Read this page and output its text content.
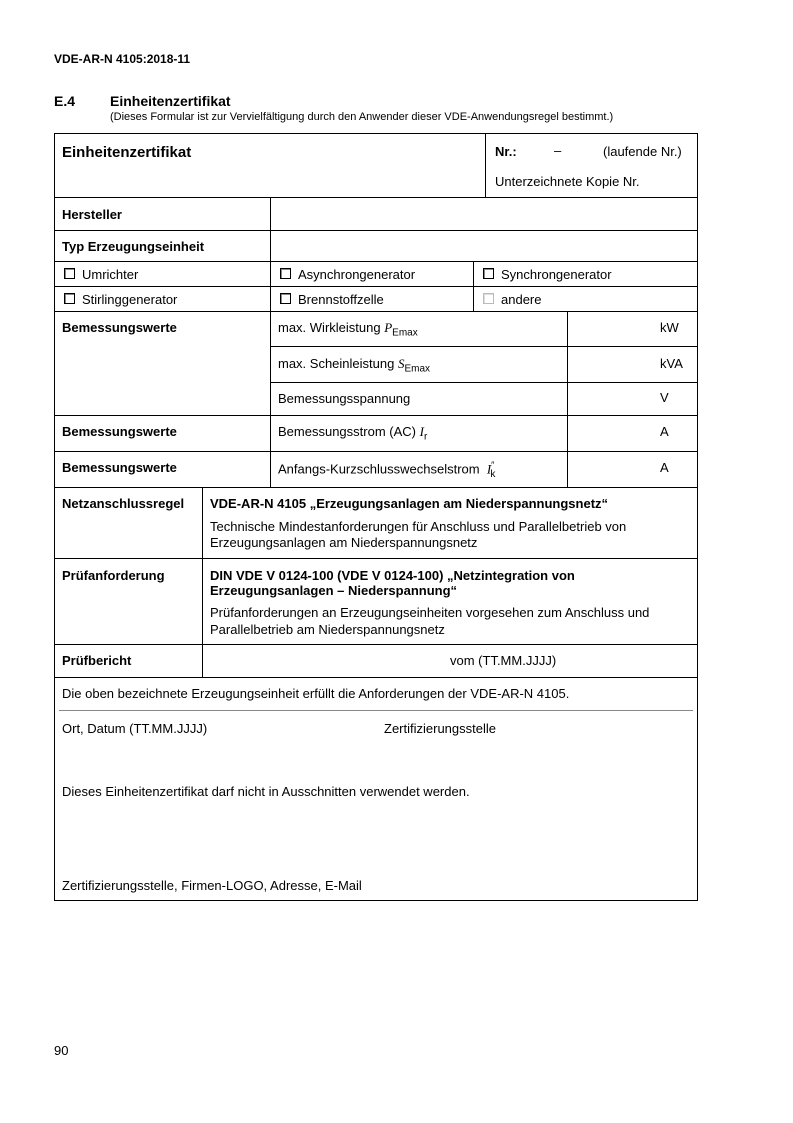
VDE-AR-N 4105:2018-11
E.4 Einheitenzertifikat
(Dieses Formular ist zur Vervielfältigung durch den Anwender dieser VDE-Anwendungsregel bestimmt.)
Einheitenzertifikat	Nr.:	–	(laufende Nr.)
Unterzeichnete Kopie Nr.
Hersteller
Typ Erzeugungseinheit
Umrichter	Asynchrongenerator	Synchrongenerator
Stirlinggenerator	Brennstoffzelle	andere
Bemessungswerte	max. Wirkleistung $P_{Emax}$	kW
max. Scheinleistung $S_{Emax}$	kVA
Bemessungsspannung	V
Bemessungswerte	Bemessungsstrom (AC) $I_r$	A
Bemessungswerte	Anfangs-Kurzschlusswechselstrom $I''_k$	A
Netzanschlussregel VDE-AR-N 4105 „Erzeugungsanlagen am Niederspannungsnetz“
Technische Mindestanforderungen für Anschluss und Parallelbetrieb von
Erzeugungsanlagen am Niederspannungsnetz
Prüfanforderung	DIN VDE V 0124-100 (VDE V 0124-100) „Netzintegration von
Erzeugungsanlagen – Niederspannung“
Prüfanforderungen an Erzeugungseinheiten vorgesehen zum Anschluss und
Parallelbetrieb am Niederspannungsnetz
Prüfbericht	vom (TT.MM.JJJJ)
Die oben bezeichnete Erzeugungseinheit erfüllt die Anforderungen der VDE-AR-N 4105.
Ort, Datum (TT.MM.JJJJ)	Zertifizierungsstelle
Dieses Einheitenzertifikat darf nicht in Ausschnitten verwendet werden.
Zertifizierungsstelle, Firmen-LOGO, Adresse, E-Mail
90
